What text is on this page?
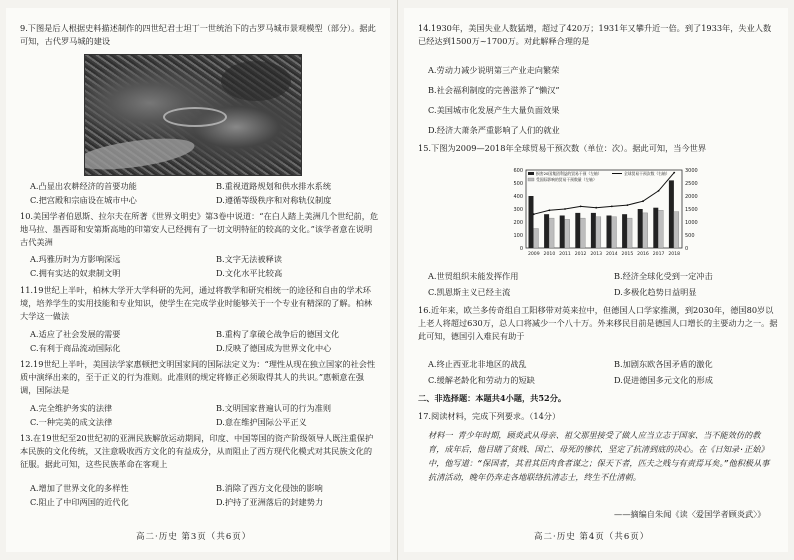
9.下图是后人根据史料描述制作的四世纪君士坦丁一世统治下的古罗马城市景观模型（部分）。据此可知，古代罗马城的建设

A.凸显出农耕经济的首要功能	B.重视道路规划和供水排水系统
C.把宫殿和宗庙设在城市中心	D.遵循等级秩序和对称轨仪制度

10.美国学者伯恩斯、拉尔夫在所著《世界文明史》第3卷中说道：“在白人踏上美洲几个世纪前，危地马拉、墨西哥和安第斯高地的印第安人已经拥有了一切文明特征的较高的文化。”该学者意在说明古代美洲

A.玛雅历时为方影响深远	B.文字无法被释读
C.拥有实达的奴隶制文明	D.文化水平比较高

11.19世纪上半叶，柏林大学开大学科研的先河，通过将教学和研究相统一的途径和自由的学术环境，培养学生的实用技能和专业知识，使学生在完成学业时能够关于一个专业有精深的了解。柏林大学这一做法

A.适应了社会发展的需要	B.重构了拿破仑战争后的德国文化
C.有利于商品流动国际化	D.反映了德国成为世界文化中心

12.19世纪上半叶，美国法学家惠顿把文明国家间的国际法定义为：“理性从现在独立国家的社会性质中演绎出来的，至于正义的行为准则。此准则的规定将修正必须取得其人的共识。”惠顿意在强调，国际法是

A.完全维护务实的法律	B.文明国家普遍认可的行为准则
C.一种完美的成文法律	D.意在维护国际公平正义

13.在19世纪至20世纪初的亚洲民族解放运动期间，印度、中国等国的资产阶级领导人既注重保护本民族的文化传统，又注意吸收西方文化的有益成分，从而阻止了西方现代化模式对其民族文化的征服。据此可知，这些民族革命在客观上

A.增加了世界文化的多样性	B.消除了西方文化侵蚀的影响
C.阻止了中印两国的近代化	D.护持了亚洲落后的封建势力
高二·历史 第3页（共6页）

14.1930年，美国失业人数猛增，超过了420万；1931年又攀升近一倍。到了1933年，失业人数已经达到1500万~1700万。对此解释合理的是

A.劳动力减少说明第三产业走向繁荣
B.社会福利制度的完善滋养了“懒汉”
C.美国城市化发展产生大量负面效果
D.经济大萧条严重影响了人们的就业

15.下图为2009—2018年全球贸易干预次数（单位：次）。据此可知，当今世界

0
100
200
300
400
500
600
0
500
1000
1500
2000
2500
3000
2009 2010 2011 2012 2013 2014 2015 2016 2017 2018
损害20国集团利益的贸易干预（左轴）
受国际影响的贸易干预数量（左轴）
全球贸易干预次数（右轴）
A.世贸组织未能发挥作用	B.经济全球化受到一定冲击
C.凯恩斯主义已经主流	D.多极化趋势日益明显

16.近年来，欧兰多传奇组自工阳移带对英来拉中，但德国人口学家推测，到2030年，德国80岁以上老人将超过630万，总人口将减少一个八十万。外来移民目前是德国人口增长的主要动力之一。据此可知，德国引入难民有助于

A.终止西亚北非地区的战乱	B.加剧东欧各国矛盾的激化
C.缓解老龄化和劳动力的短缺	D.促进德国多元文化的形成
二、非选择题：本题共4小题，共52分。
17.阅读材料，完成下列要求。（14分）
材料一 青少年时期，顾炎武从母亲、祖父那里接受了做人应当立志于国家、当不能效仿的教育，成年后，他目睹了贫贱、国亡、母死的惨状，坚定了抗清到底的决心。在《日知录·正始》中，他写道：“保国者，其君其臣肉食者谋之；保天下者，匹夫之贱与有责焉耳矣。”他积极从事抗清活动，晚年仍奔走各地联络抗清志士，终生不仕清朝。
——摘编自朱闻《读〈爱国学者顾炎武〉》
高二·历史 第4页（共6页）
